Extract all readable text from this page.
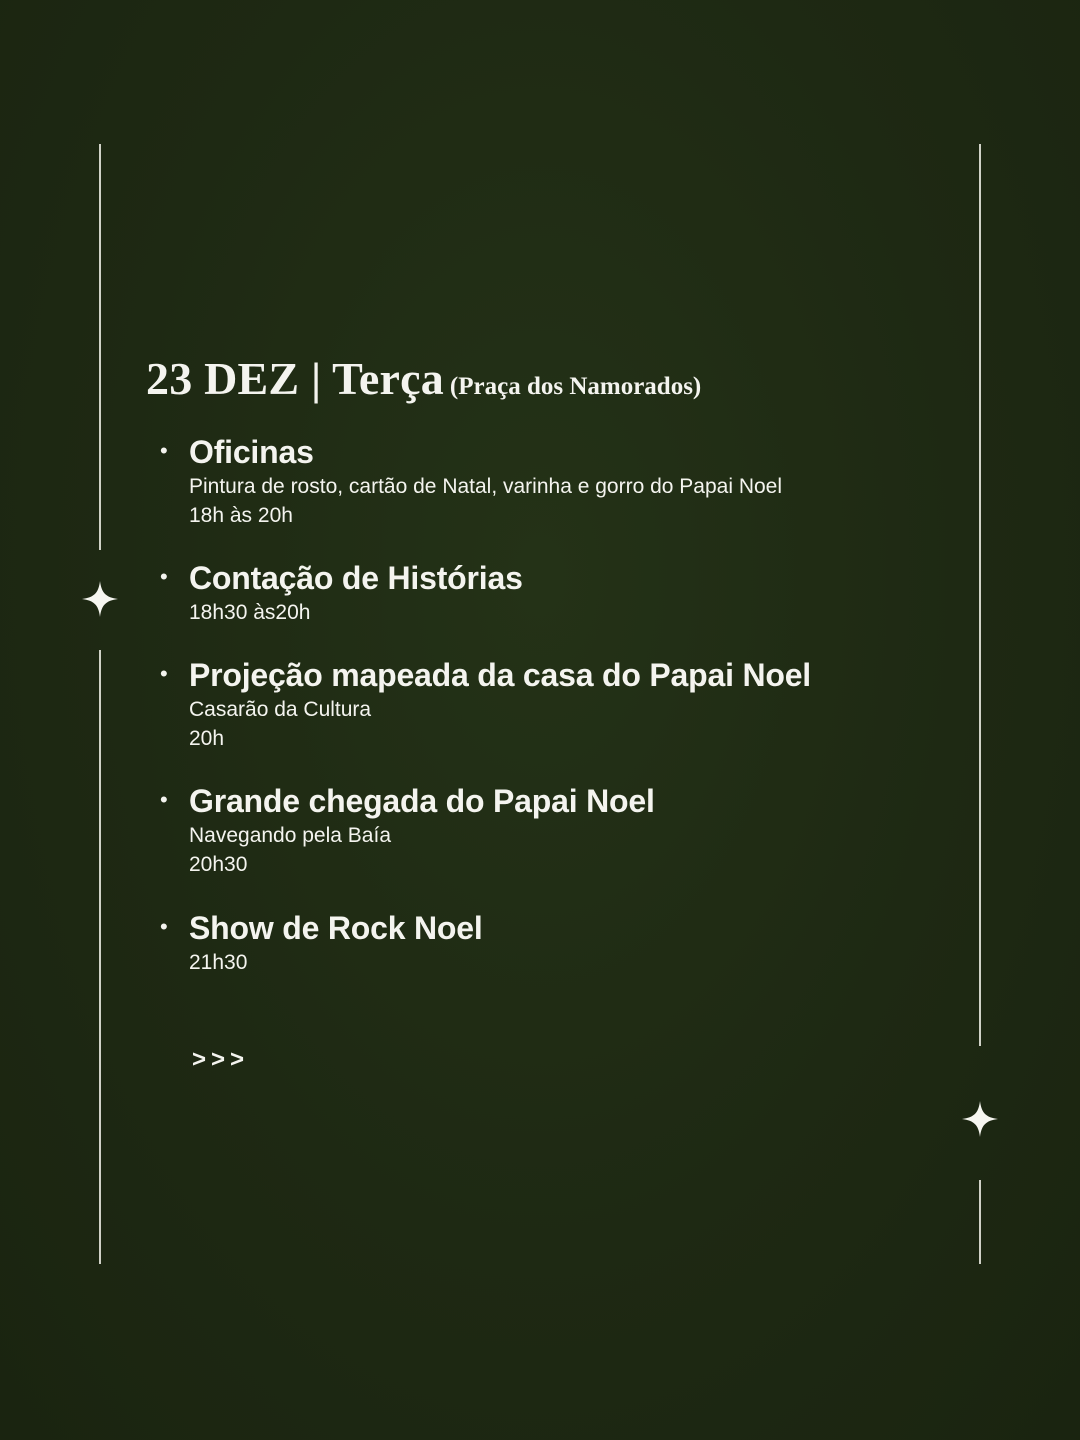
23 DEZ | Terça (Praça dos Namorados)
• Oficinas
Pintura de rosto, cartão de Natal, varinha e gorro do Papai Noel
18h às 20h
• Contação de Histórias
18h30 às20h
• Projeção mapeada da casa do Papai Noel
Casarão da Cultura
20h
• Grande chegada do Papai Noel
Navegando pela Baía
20h30
• Show de Rock Noel
21h30
>>>
